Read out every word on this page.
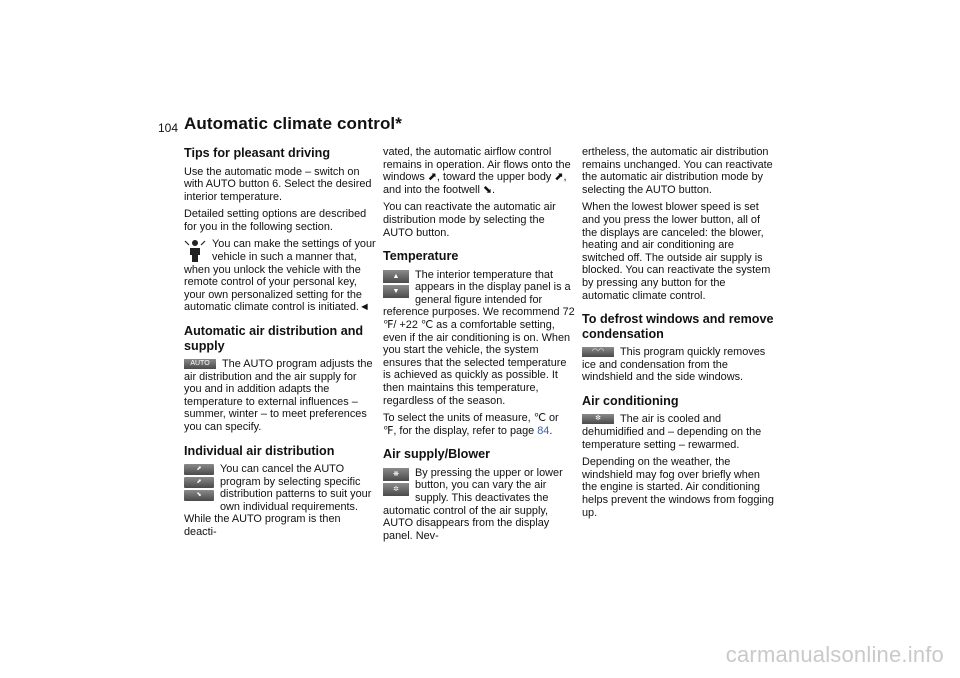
104 Automatic climate control*
Tips for pleasant driving

Use the automatic mode – switch on with AUTO button 6. Select the desired interior temperature.

Detailed setting options are described for you in the following section.

You can make the settings of your vehicle in such a manner that, when you unlock the vehicle with the remote control of your personal key, your own personalized setting for the automatic climate control is initiated.◄

Automatic air distribution and supply

AUTO	The AUTO program adjusts the air distribution and the air supply for you and in addition adapts the temperature to external influences – summer, winter – to meet preferences you can specify.

Individual air distribution

⬈
⬈
⬊
You can cancel the AUTO program by selecting specific distribution patterns to suit your own individual requirements. While the AUTO program is then deacti-

vated, the automatic airflow control remains in operation. Air flows onto the windows ⬈, toward the upper body ⬈, and into the footwell ⬊.

You can reactivate the automatic air distribution mode by selecting the AUTO button.

Temperature

▲
▼
The interior temperature that appears in the display panel is a general figure intended for reference purposes. We recommend 72 ℉/ +22 ℃ as a comfortable setting, even if the air conditioning is on. When you start the vehicle, the system ensures that the selected temperature is achieved as quickly as possible. It then maintains this temperature, regardless of the season.

To select the units of measure, ℃ or ℉, for the display, refer to page 84.

Air supply/Blower

❋
✲
By pressing the upper or lower button, you can vary the air supply. This deactivates the automatic control of the air supply, AUTO disappears from the display panel. Nev-

ertheless, the automatic air distribution remains unchanged. You can reactivate the automatic air distribution mode by selecting the AUTO button.

When the lowest blower speed is set and you press the lower button, all of the displays are canceled: the blower, heating and air conditioning are switched off. The outside air supply is blocked. You can reactivate the system by pressing any button for the automatic climate control.

To defrost windows and remove condensation

◠◠	This program quickly removes ice and condensation from the windshield and the side windows.

Air conditioning

✼	The air is cooled and dehumidified and – depending on the temperature setting – rewarmed.

Depending on the weather, the windshield may fog over briefly when the engine is started. Air conditioning helps prevent the windows from fogging up.

carmanualsonline.info
